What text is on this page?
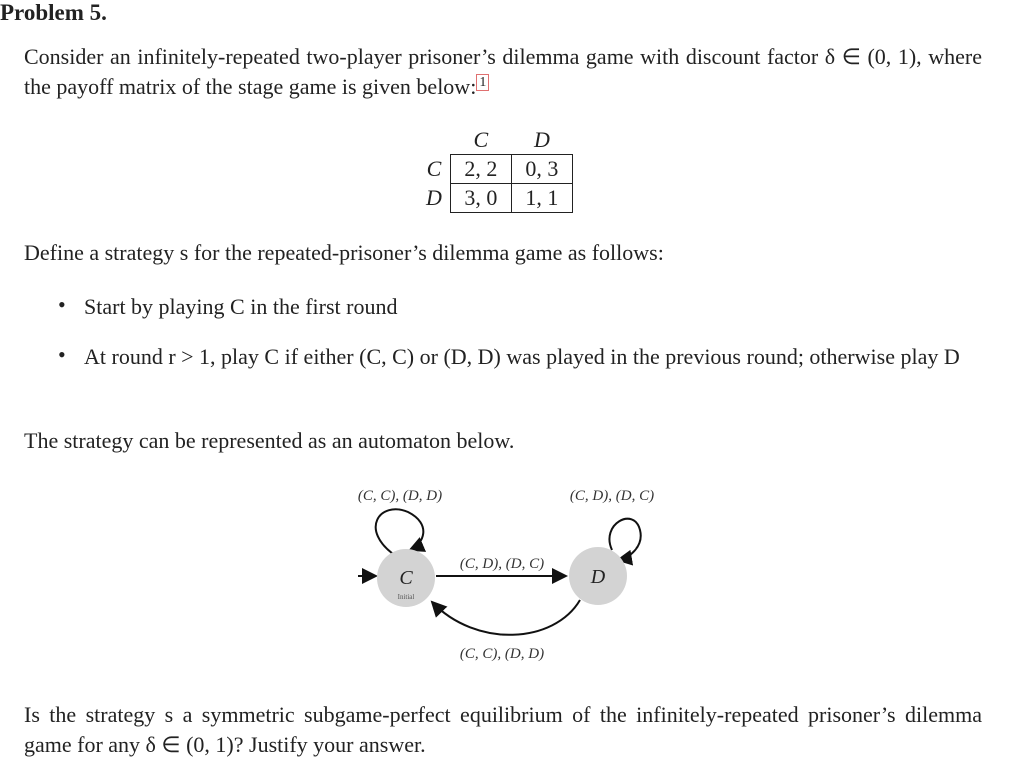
Problem 5.
Consider an infinitely-repeated two-player prisoner’s dilemma game with discount factor δ ∈ (0, 1), where the payoff matrix of the stage game is given below: $^1$
	C	D
C	2, 2	0, 3
D	3, 0	1, 1
Define a strategy s for the repeated-prisoner’s dilemma game as follows:
• Start by playing C in the first round
• At round r > 1, play C if either (C, C) or (D, D) was played in the previous round; otherwise play D
The strategy can be represented as an automaton below.
(C, C), (D, D)	(C, D), (D, C)
C
Initial
D
(C, D), (D, C)
(C, C), (D, D)
Is the strategy s a symmetric subgame-perfect equilibrium of the infinitely-repeated prisoner’s dilemma game for any δ ∈ (0, 1)? Justify your answer.
